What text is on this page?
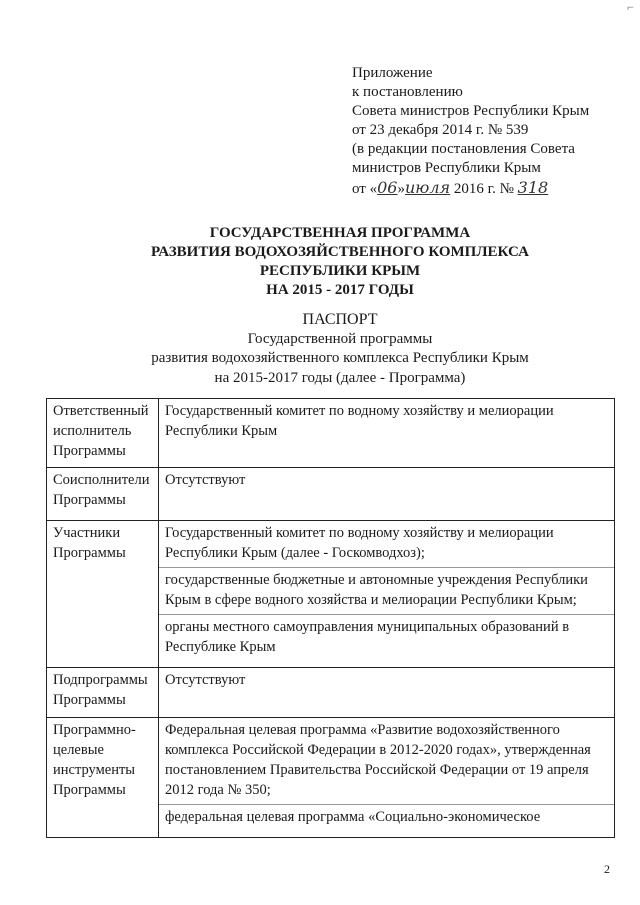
⌐
Приложение
к постановлению
Совета министров Республики Крым
от 23 декабря 2014 г. № 539
(в редакции постановления Совета
министров Республики Крым
от «06»июля 2016 г. № 318
ГОСУДАРСТВЕННАЯ ПРОГРАММА
РАЗВИТИЯ ВОДОХОЗЯЙСТВЕННОГО КОМПЛЕКСА
РЕСПУБЛИКИ КРЫМ
НА 2015 - 2017 ГОДЫ
ПАСПОРТ
Государственной программы
развития водохозяйственного комплекса Республики Крым
на 2015-2017 годы (далее - Программа)
Ответственный исполнитель Программы	Государственный комитет по водному хозяйству и мелиорации Республики Крым

Соисполнители Программы	Отсутствуют

Участники Программы	Государственный комитет по водному хозяйству и мелиорации Республики Крым (далее - Госкомводхоз);
государственные бюджетные и автономные учреждения Республики Крым в сфере водного хозяйства и мелиорации Республики Крым;
органы местного самоуправления муниципальных образований в Республике Крым

Подпрограммы Программы	Отсутствуют

Программно-целевые инструменты Программы	Федеральная целевая программа «Развитие водохозяйственного комплекса Российской Федерации в 2012-2020 годах», утвержденная постановлением Правительства Российской Федерации от 19 апреля 2012 года № 350;
федеральная целевая программа «Социально-экономическое
2
